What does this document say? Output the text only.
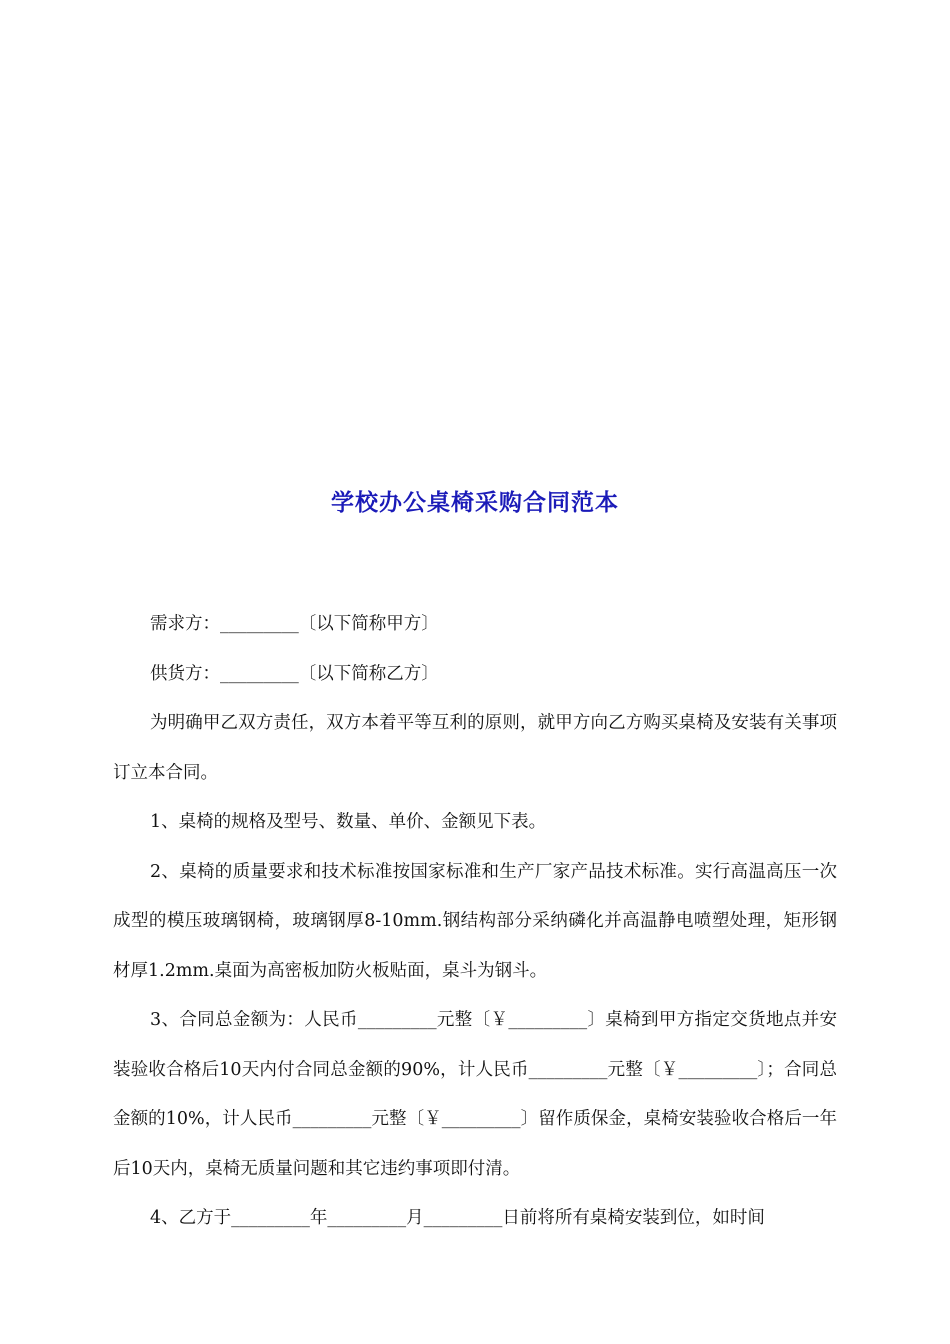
学校办公桌椅采购合同范本

需求方：_________〔以下简称甲方〕

供货方：_________〔以下简称乙方〕

为明确甲乙双方责任，双方本着平等互利的原则，就甲方向乙方购买桌椅及安装有关事项订立本合同。

1、桌椅的规格及型号、数量、单价、金额见下表。

2、桌椅的质量要求和技术标准按国家标准和生产厂家产品技术标准。实行高温高压一次成型的模压玻璃钢椅，玻璃钢厚8-10mm.钢结构部分采纳磷化并高温静电喷塑处理，矩形钢材厚1.2mm.桌面为高密板加防火板贴面，桌斗为钢斗。

3、合同总金额为：人民币_________元整〔￥_________〕桌椅到甲方指定交货地点并安装验收合格后10天内付合同总金额的90%，计人民币_________元整〔￥_________〕；合同总金额的10%，计人民币_________元整〔￥_________〕留作质保金，桌椅安装验收合格后一年后10天内，桌椅无质量问题和其它违约事项即付清。

4、乙方于_________年_________月_________日前将所有桌椅安装到位，如时间
